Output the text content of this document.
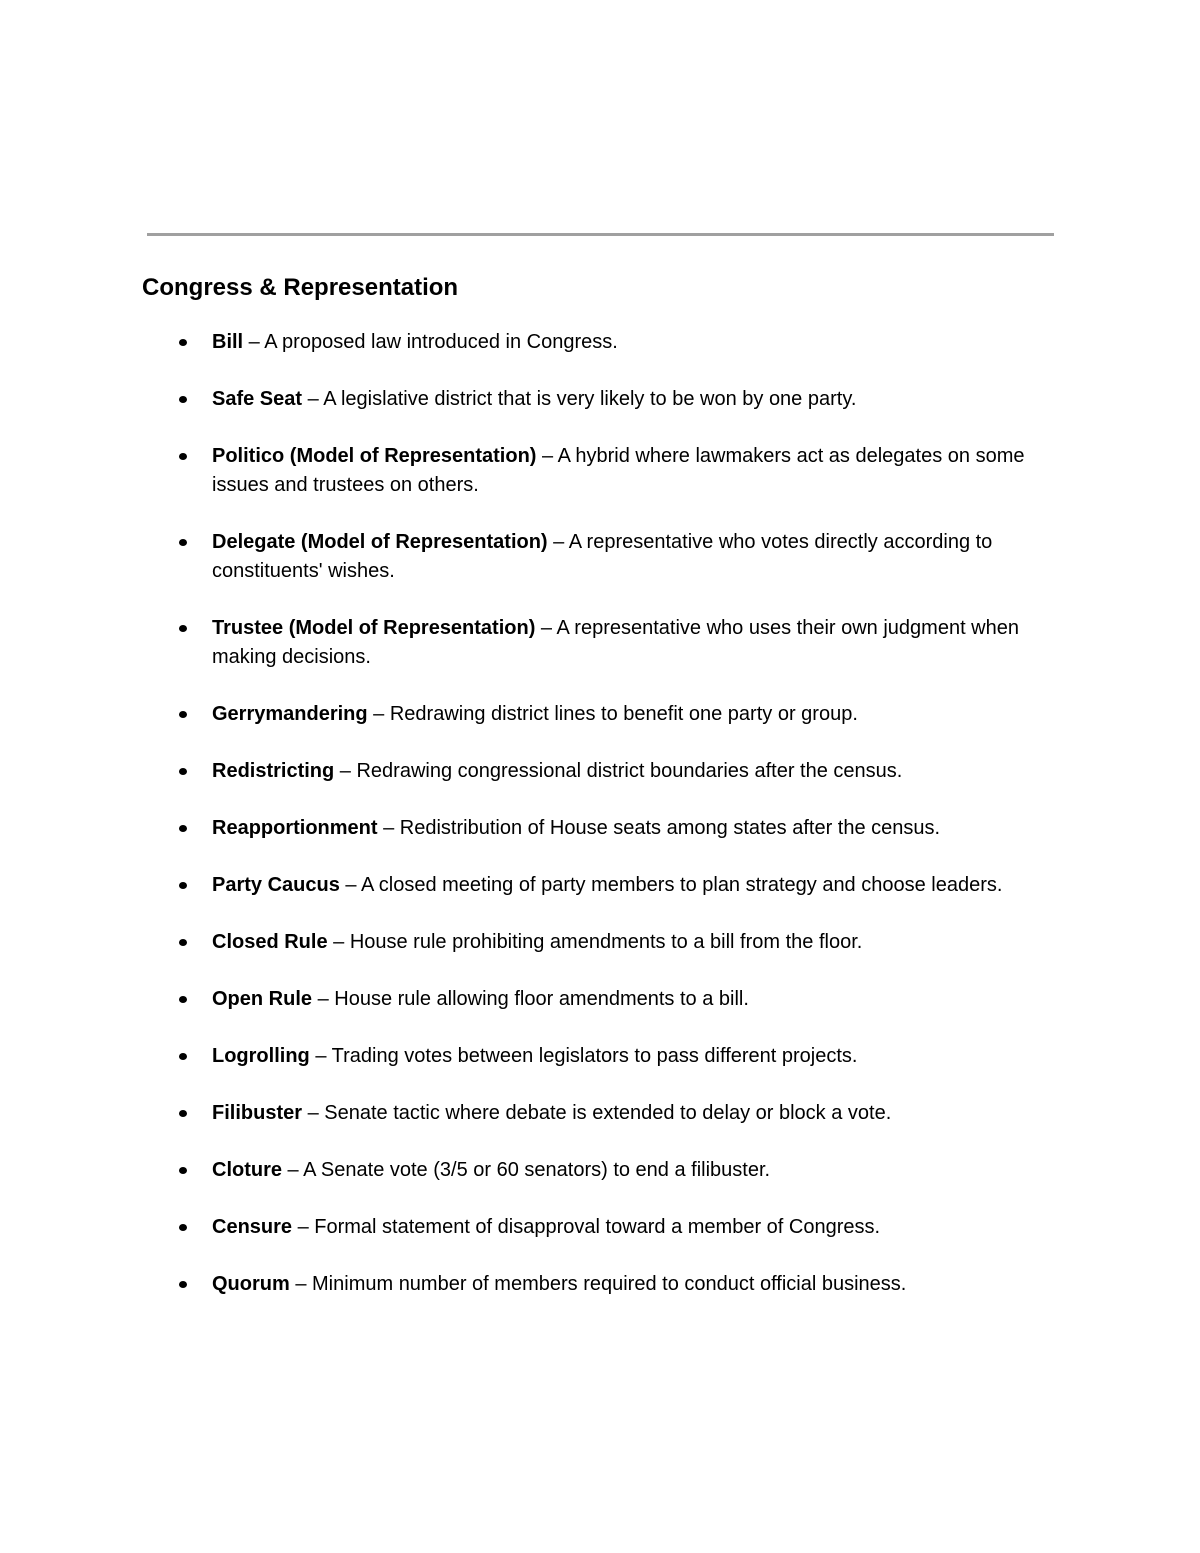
Congress & Representation
Bill – A proposed law introduced in Congress.
Safe Seat – A legislative district that is very likely to be won by one party.
Politico (Model of Representation) – A hybrid where lawmakers act as delegates on some issues and trustees on others.
Delegate (Model of Representation) – A representative who votes directly according to constituents' wishes.
Trustee (Model of Representation) – A representative who uses their own judgment when making decisions.
Gerrymandering – Redrawing district lines to benefit one party or group.
Redistricting – Redrawing congressional district boundaries after the census.
Reapportionment – Redistribution of House seats among states after the census.
Party Caucus – A closed meeting of party members to plan strategy and choose leaders.
Closed Rule – House rule prohibiting amendments to a bill from the floor.
Open Rule – House rule allowing floor amendments to a bill.
Logrolling – Trading votes between legislators to pass different projects.
Filibuster – Senate tactic where debate is extended to delay or block a vote.
Cloture – A Senate vote (3/5 or 60 senators) to end a filibuster.
Censure – Formal statement of disapproval toward a member of Congress.
Quorum – Minimum number of members required to conduct official business.
